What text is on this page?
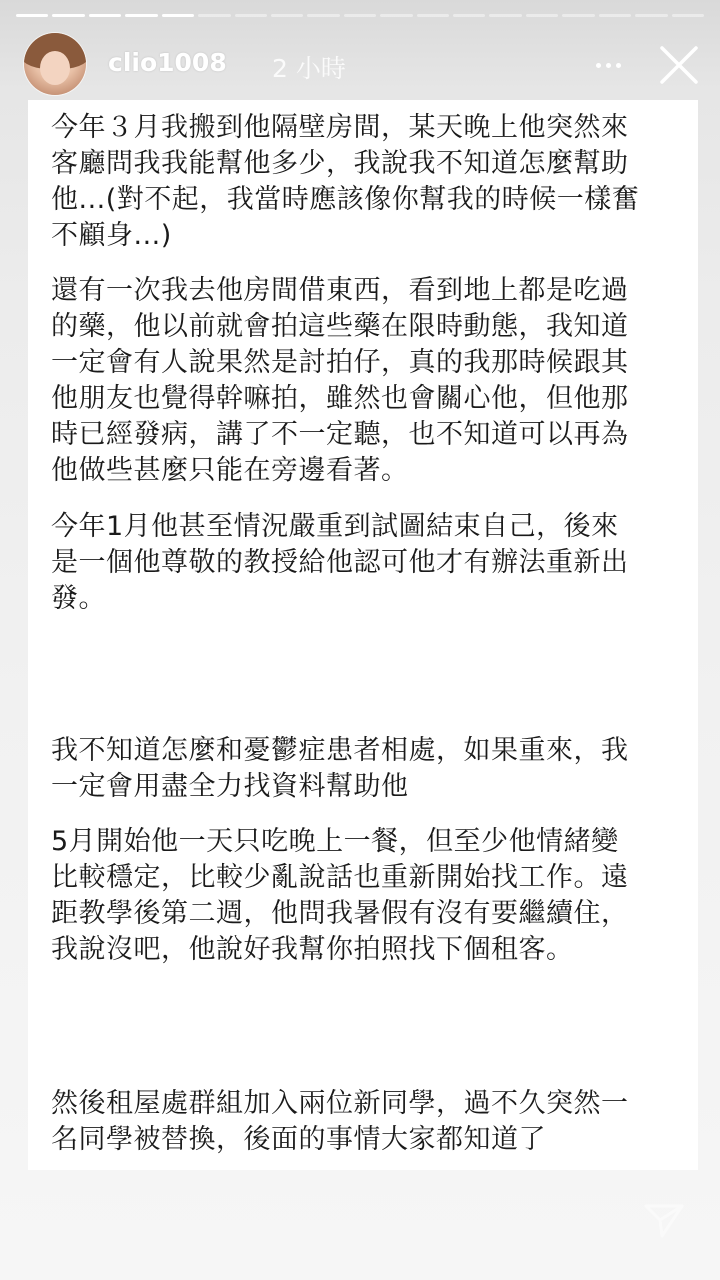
clio1008 2 小時
今年３月我搬到他隔壁房間，某天晚上他突然來
客廳問我我能幫他多少，我說我不知道怎麼幫助
他...(對不起，我當時應該像你幫我的時候一樣奮
不顧身...)
還有一次我去他房間借東西，看到地上都是吃過
的藥，他以前就會拍這些藥在限時動態，我知道
一定會有人說果然是討拍仔，真的我那時候跟其
他朋友也覺得幹嘛拍，雖然也會關心他，但他那
時已經發病，講了不一定聽，也不知道可以再為
他做些甚麼只能在旁邊看著。
今年1月他甚至情況嚴重到試圖結束自己，後來
是一個他尊敬的教授給他認可他才有辦法重新出
發。
我不知道怎麼和憂鬱症患者相處，如果重來，我
一定會用盡全力找資料幫助他
5月開始他一天只吃晚上一餐，但至少他情緒變
比較穩定，比較少亂說話也重新開始找工作。遠
距教學後第二週，他問我暑假有沒有要繼續住，
我說沒吧，他說好我幫你拍照找下個租客。
然後租屋處群組加入兩位新同學，過不久突然一
名同學被替換，後面的事情大家都知道了
